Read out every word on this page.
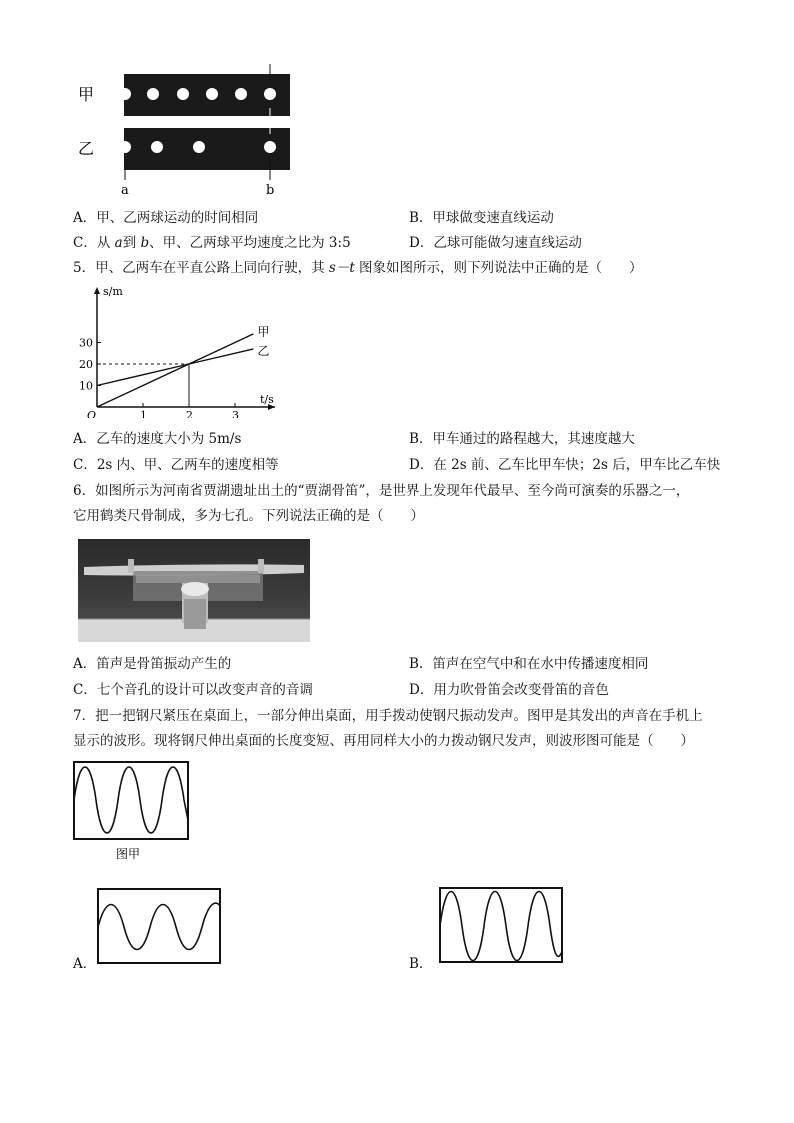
甲
乙
a	b
A．甲、乙两球运动的时间相同	B．甲球做变速直线运动
C．从 a到 b、甲、乙两球平均速度之比为 3:5	D．乙球可能做匀速直线运动
5．甲、乙两车在平直公路上同向行驶，其 s－t 图象如图所示，则下列说法中正确的是（　　）
1	2	3
10
20
30
O
s/m
t/s
甲
乙
A．乙车的速度大小为 5m/s	B．甲车通过的路程越大，其速度越大
C．2s 内、甲、乙两车的速度相等	D．在 2s 前、乙车比甲车快；2s 后，甲车比乙车快
6．如图所示为河南省贾湖遗址出土的“贾湖骨笛”，是世界上发现年代最早、至今尚可演奏的乐器之一，
它用鹤类尺骨制成，多为七孔。下列说法正确的是（　　）
A．笛声是骨笛振动产生的	B．笛声在空气中和在水中传播速度相同
C．七个音孔的设计可以改变声音的音调	D．用力吹骨笛会改变骨笛的音色
7．把一把钢尺紧压在桌面上，一部分伸出桌面，用手拨动使钢尺振动发声。图甲是其发出的声音在手机上
显示的波形。现将钢尺伸出桌面的长度变短、再用同样大小的力拨动钢尺发声，则波形图可能是（　　）
图甲
A．	B．
